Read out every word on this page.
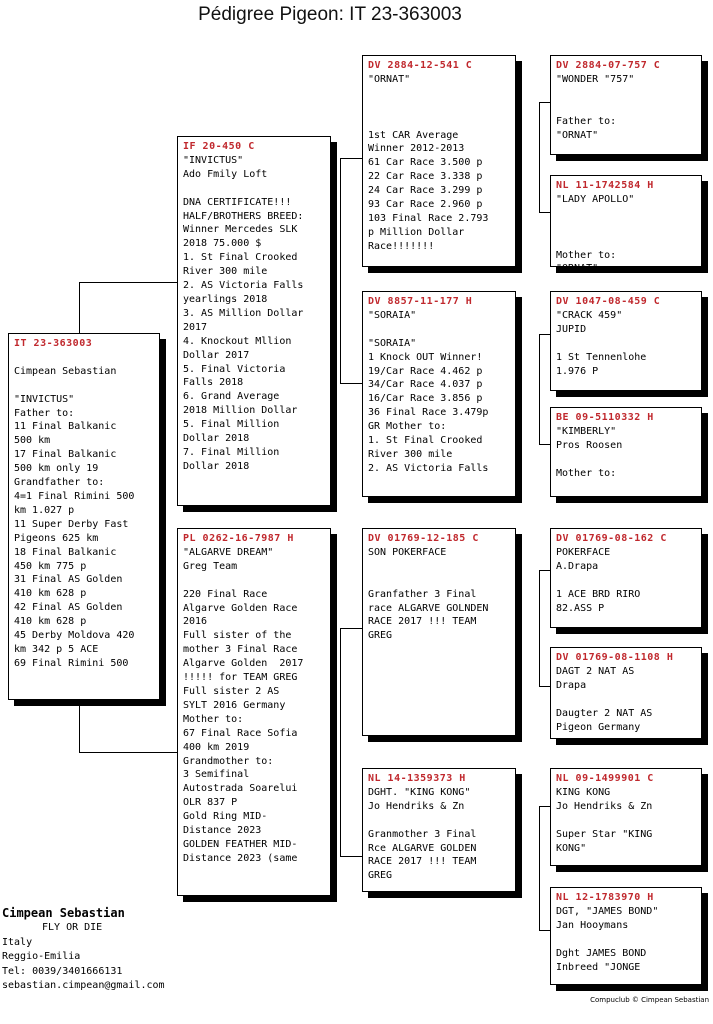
Pédigree Pigeon: IT 23-363003
IT 23-363003

Cimpean Sebastian

"INVICTUS"
Father to:
11 Final Balkanic
500 km
17 Final Balkanic
500 km only 19
Grandfather to:
4=1 Final Rimini 500
km 1.027 p
11 Super Derby Fast
Pigeons 625 km
18 Final Balkanic
450 km 775 p
31 Final AS Golden
410 km 628 p
42 Final AS Golden
410 km 628 p
45 Derby Moldova 420
km 342 p 5 ACE
69 Final Rimini 500
IF 20-450 C
"INVICTUS"
Ado Fmily Loft

DNA CERTIFICATE!!!
HALF/BROTHERS BREED:
Winner Mercedes SLK
2018 75.000 $
1. St Final Crooked
River 300 mile
2. AS Victoria Falls
yearlings 2018
3. AS Million Dollar
2017
4. Knockout Mllion
Dollar 2017
5. Final Victoria
Falls 2018
6. Grand Average
2018 Million Dollar
5. Final Million
Dollar 2018
7. Final Million
Dollar 2018
PL 0262-16-7987 H
"ALGARVE DREAM"
Greg Team

220 Final Race
Algarve Golden Race
2016
Full sister of the
mother 3 Final Race
Algarve Golden  2017
!!!!! for TEAM GREG
Full sister 2 AS
SYLT 2016 Germany
Mother to:
67 Final Race Sofia
400 km 2019
Grandmother to:
3 Semifinal
Autostrada Soarelui
OLR 837 P
Gold Ring MID-
Distance 2023
GOLDEN FEATHER MID-
Distance 2023 (same
DV 2884-12-541 C
"ORNAT"

1st CAR Average
Winner 2012-2013
61 Car Race 3.500 p
22 Car Race 3.338 p
24 Car Race 3.299 p
93 Car Race 2.960 p
103 Final Race 2.793
p Million Dollar
Race!!!!!!!
DV 8857-11-177 H
"SORAIA"

"SORAIA"
1 Knock OUT Winner!
19/Car Race 4.462 p
34/Car Race 4.037 p
16/Car Race 3.856 p
36 Final Race 3.479p
GR Mother to:
1. St Final Crooked
River 300 mile
2. AS Victoria Falls
DV 01769-12-185 C
SON POKERFACE

Granfather 3 Final
race ALGARVE GOLNDEN
RACE 2017 !!! TEAM
GREG
NL 14-1359373 H
DGHT. "KING KONG"
Jo Hendriks & Zn

Granmother 3 Final
Rce ALGARVE GOLDEN
RACE 2017 !!! TEAM
GREG
DV 2884-07-757 C
"WONDER "757"

Father to:
"ORNAT"
NL 11-1742584 H
"LADY APOLLO"

Mother to:
"ORNAT"
DV 1047-08-459 C
"CRACK 459"
JUPID

1 St Tennenlohe
1.976 P
BE 09-5110332 H
"KIMBERLY"
Pros Roosen

Mother to:
DV 01769-08-162 C
POKERFACE
A.Drapa

1 ACE BRD RIRO
82.ASS P
DV 01769-08-1108 H
DAGT 2 NAT AS
Drapa

Daugter 2 NAT AS
Pigeon Germany
NL 09-1499901 C
KING KONG
Jo Hendriks & Zn

Super Star "KING
KONG"
NL 12-1783970 H
DGT, "JAMES BOND"
Jan Hooymans

Dght JAMES BOND
Inbreed "JONGE
Cimpean Sebastian
FLY OR DIE
Italy
Reggio-Emilia
Tel: 0039/3401666131
sebastian.cimpean@gmail.com
Compuclub © Cimpean Sebastian
